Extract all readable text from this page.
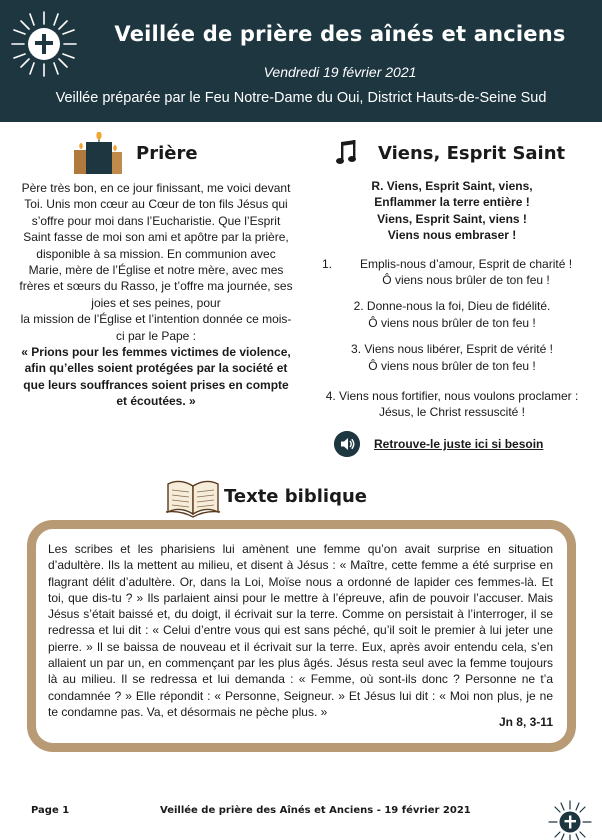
Veillée de prière des aînés et anciens
Vendredi 19 février 2021
Veillée préparée par le Feu Notre-Dame du Oui, District Hauts-de-Seine Sud
Prière
Père très bon, en ce jour finissant, me voici devant Toi. Unis mon cœur au Cœur de ton fils Jésus qui s’offre pour moi dans l’Eucharistie. Que l’Esprit Saint fasse de moi son ami et apôtre par la prière, disponible à sa mission. En communion avec Marie, mère de l’Église et notre mère, avec mes frères et sœurs du Rasso, je t’offre ma journée, ses joies et ses peines, pour
la mission de l’Église et l’intention donnée ce mois-ci par le Pape :
« Prions pour les femmes victimes de violence, afin qu’elles soient protégées par la société et que leurs souffrances soient prises en compte et écoutées. »
Viens, Esprit Saint
R. Viens, Esprit Saint, viens,
Enflammer la terre entière !
Viens, Esprit Saint, viens !
Viens nous embraser !
1.	Emplis-nous d’amour, Esprit de charité !
Ô viens nous brûler de ton feu !
2. Donne-nous la foi, Dieu de fidélité.
Ô viens nous brûler de ton feu !
3. Viens nous libérer, Esprit de vérité !
Ô viens nous brûler de ton feu !
4. Viens nous fortifier, nous voulons proclamer :
Jésus, le Christ ressuscité !
Retrouve-le juste ici si besoin
Texte biblique
Les scribes et les pharisiens lui amènent une femme qu’on avait surprise en situation d’adultère. Ils la mettent au milieu, et disent à Jésus : « Maître, cette femme a été surprise en flagrant délit d’adultère. Or, dans la Loi, Moïse nous a ordonné de lapider ces femmes-là. Et toi, que dis-tu ? » Ils parlaient ainsi pour le mettre à l’épreuve, afin de pouvoir l’accuser. Mais Jésus s’était baissé et, du doigt, il écrivait sur la terre. Comme on persistait à l’interroger, il se redressa et lui dit : « Celui d’entre vous qui est sans péché, qu’il soit le premier à lui jeter une pierre. » Il se baissa de nouveau et il écrivait sur la terre. Eux, après avoir entendu cela, s’en allaient un par un, en commençant par les plus âgés. Jésus resta seul avec la femme toujours là au milieu. Il se redressa et lui demanda : « Femme, où sont-ils donc ? Personne ne t’a condamnée ? » Elle répondit : « Personne, Seigneur. » Et Jésus lui dit : « Moi non plus, je ne te condamne pas. Va, et désormais ne pèche plus. »
Jn 8, 3-11
Page 1	Veillée de prière des Aînés et Anciens - 19 février 2021
